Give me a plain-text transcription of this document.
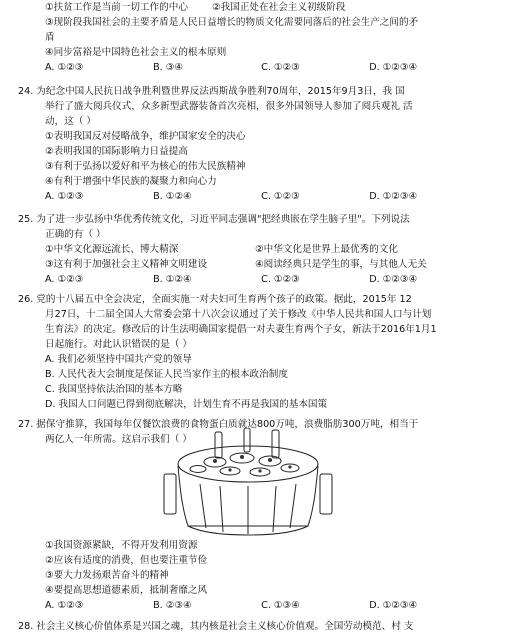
①扶贫工作是当前一切工作的中心	②我国正处在社会主义初级阶段
③现阶段我国社会的主要矛盾是人民日益增长的物质文化需要同落后的社会生产之间的矛
盾
④同步富裕是中国特色社会主义的根本原则
A. ①②③	B. ③④	C. ①②③	D. ①②③④
24. 为纪念中国人民抗日战争胜利暨世界反法西斯战争胜利70周年，2015年9月3日，我 国
举行了盛大阅兵仪式，众多新型武器装备首次亮相，很多外国领导人参加了阅兵观礼 活
动，这（ ）
①表明我国反对侵略战争，维护国家安全的决心
②表明我国的国际影响力日益提高
③有利于弘扬以爱好和平为核心的伟大民族精神
④有利于增强中华民族的凝聚力和向心力
A. ①②③	B. ①②④	C. ①②③	D. ①②③④
25. 为了进一步弘扬中华优秀传统文化，习近平同志强调"把经典嵌在学生脑子里"。下列说法
正确的有（ ）
①中华文化源远流长、博大精深	②中华文化是世界上最优秀的文化
③这有利于加强社会主义精神文明建设	④阅读经典只是学生的事，与其他人无关
A. ①②③	B. ①②④	C. ①②③	D. ①②③④
26. 党的十八届五中全会决定，全面实施一对夫妇可生育两个孩子的政策。据此，2015年 12
月27日，十二届全国人大常委会第十八次会议通过了关于修改《中华人民共和国人口与计划
生育法》的决定。修改后的计生法明确国家提倡一对夫妻生育两个子女，新法于2016年1月1
日起施行。对此认识错误的是（ ）
A. 我们必须坚持中国共产党的领导
B. 人民代表大会制度是保证人民当家作主的根本政治制度
C. 我国坚持依法治国的基本方略
D. 我国人口问题已得到彻底解决，计划生育不再是我国的基本国策
27. 据保守推算，我国每年仅餐饮浪费的食物蛋白质就达800万吨，浪费脂肪300万吨，相当于
两亿人一年所需。这启示我们（ ）
①我国资源紧缺，不得开发利用资源
②应该有适度的消费，但也要注重节俭
③要大力发扬艰苦奋斗的精神
④要提高思想道德素质，抵制奢靡之风
A. ①②③	B. ②③④	C. ①③④	D. ①②③④
28. 社会主义核心价值体系是兴国之魂，其内核是社会主义核心价值观。全国劳动模范、村 支
